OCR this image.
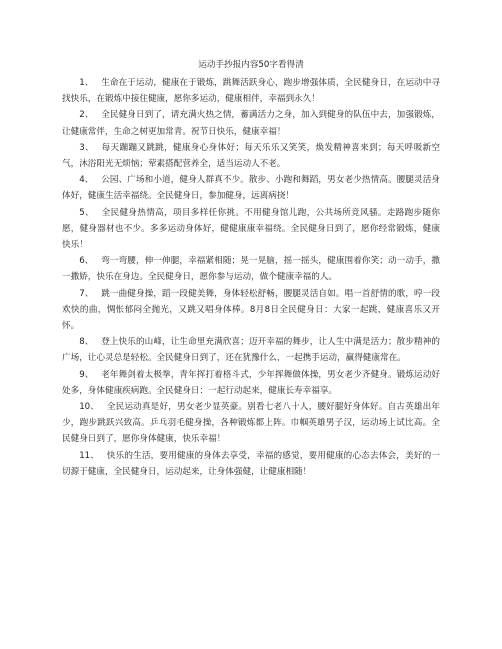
运动手抄报内容50字看得清

1、 生命在于运动，健康在于锻炼，跳舞活跃身心，跑步增强体质，全民健身日，在运动中寻找快乐，在锻炼中接住健康，愿你多运动，健康相伴，幸福到永久！

2、 全民健身日到了，请充满火热之情，蓄满活力之身，加入到健身的队伍中去，加强锻炼，让健康常伴，生命之树更加常青。祝节日快乐，健康幸福！

3、 每天蹦蹦又跳跳，健康身心身体好；每天乐乐又笑笑，焕发精神喜来到；每天呼吸新空气，沐浴阳光无烦恼；荤素搭配营养全，适当运动人不老。

4、 公园、广场和小道，健身人群真不少。散步、小跑和舞蹈，男女老少热情高。腰腿灵活身体好，健康生活幸福绕。全民健身日，参加健身，远离病挠！

5、 全民健身热情高，项目多样任你挑。不用健身馆儿跑，公共场所竞风骚。走路跑步随你愿，健身器材也不少。多多运动身体好，健健康康幸福绕。全民健身日到了，愿你经常锻炼，健康快乐！

6、 弯一弯腰，伸一伸腿，幸福紧相随；晃一晃脑，摇一摇头，健康围着你笑；动一动手，撒一撒娇，快乐在身边。全民健身日，愿你参与运动，做个健康幸福的人。

7、 跳一曲健身操，蹈一段健美舞，身体轻松舒畅，腰腿灵活自如。唱一首舒情的歌，哼一段欢快的曲，惆怅郁闷全抛光，又跳又唱身体棒。8月8日全民健身日：大家一起跳，健康喜乐又开怀。

8、 登上快乐的山峰，让生命里充满欣喜；迈开幸福的舞步，让人生中满是活力；散步精神的广场，让心灵总是轻松。全民健身日到了，还在犹豫什么，一起携手运动，赢得健康常在。

9、 老年舞剑着太极拳，青年挥打着格斗式，少年挥舞做体操，男女老少齐健身。锻炼运动好处多，身体健康疾病跑。全民健身日：一起行动起来，健康长寿幸福享。

10、 全民运动真是好，男女老少显英豪。别看七老八十人，腰好腿好身体好。自古英雄出年少，跑步跳跃兴致高。乒乓羽毛健身操，各种锻炼都上阵。巾帼英雄男子汉，运动场上试比高。全民健身日到了，愿你身体健康，快乐幸福！

11、 快乐的生活，要用健康的身体去享受，幸福的感觉，要用健康的心态去体会，美好的一切源于健康，全民健身日，运动起来，让身体强健，让健康相随！
